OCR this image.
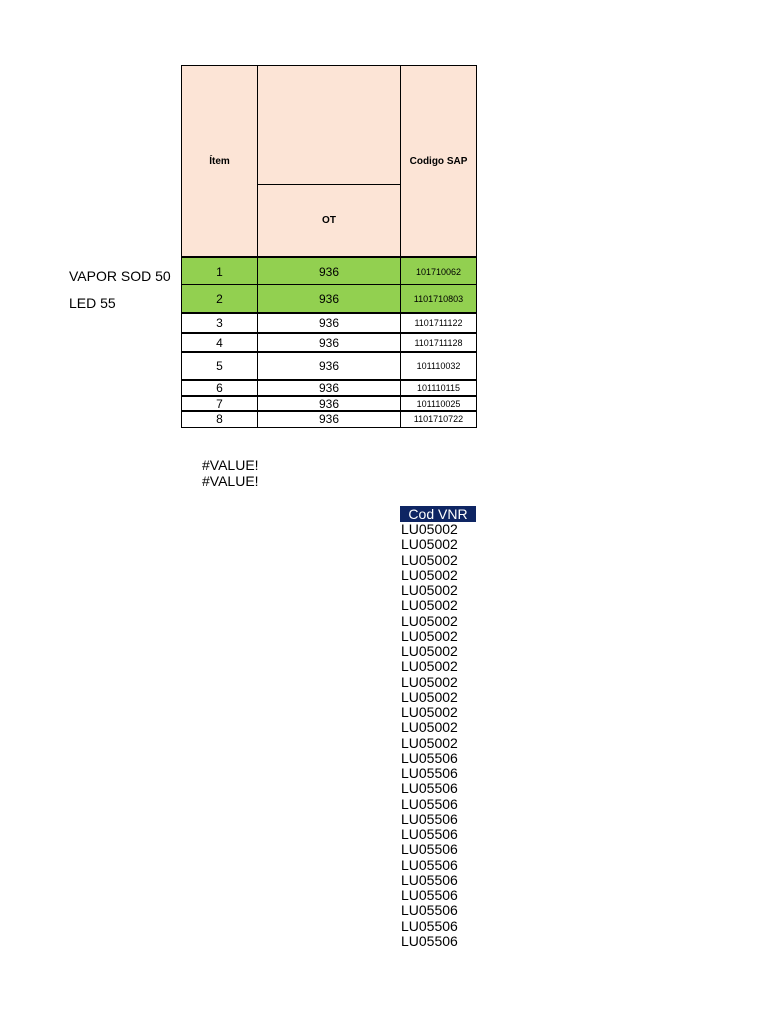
VAPOR SOD 50
LED 55
Ítem
OT
Codigo SAP
1	936	101710062
2	936	1101710803
3	936	1101711122
4	936	1101711128
5	936	101110032
6	936	101110115
7	936	101110025
8	936	1101710722
#VALUE!
#VALUE!
Cod VNR
LU05002
LU05002
LU05002
LU05002
LU05002
LU05002
LU05002
LU05002
LU05002
LU05002
LU05002
LU05002
LU05002
LU05002
LU05002
LU05506
LU05506
LU05506
LU05506
LU05506
LU05506
LU05506
LU05506
LU05506
LU05506
LU05506
LU05506
LU05506
